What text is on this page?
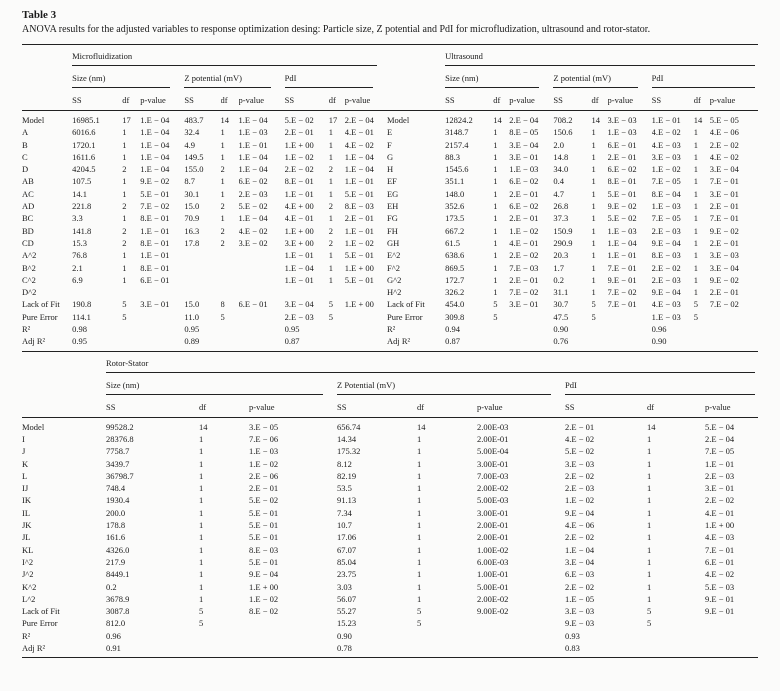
Table 3
ANOVA results for the adjusted variables to response optimization desing: Particle size, Z potential and PdI for microfludization, ultrasound and rotor-stator.

	Microfluidization										Ultrasound								

	Size (nm)			Z potential (mV)			PdI				Size (nm)			Z potential (mV)			PdI		

	SS	df	p-value	SS	df	p-value	SS	df	p-value		SS	df	p-value	SS	df	p-value	SS	df	p-value
Model	16985.1	17	1.E − 04	483.7	14	1.E − 04	5.E − 02	17	2.E − 04	Model	12824.2	14	2.E − 04	708.2	14	3.E − 03	1.E − 01	14	5.E − 05
A	6016.6	1	1.E − 04	32.4	1	1.E − 03	2.E − 01	1	4.E − 01	E	3148.7	1	8.E − 05	150.6	1	1.E − 03	4.E − 02	1	4.E − 06
B	1720.1	1	1.E − 04	4.9	1	1.E − 01	1.E + 00	1	4.E − 02	F	2157.4	1	3.E − 04	2.0	1	6.E − 01	4.E − 03	1	2.E − 02
C	1611.6	1	1.E − 04	149.5	1	1.E − 04	1.E − 02	1	1.E − 04	G	88.3	1	3.E − 01	14.8	1	2.E − 01	3.E − 03	1	4.E − 02
D	4204.5	2	1.E − 04	155.0	2	1.E − 04	2.E − 02	2	1.E − 04	H	1545.6	1	1.E − 03	34.0	1	6.E − 02	1.E − 02	1	3.E − 04
AB	107.5	1	9.E − 02	8.7	1	6.E − 02	8.E − 01	1	1.E − 01	EF	351.1	1	6.E − 02	0.4	1	8.E − 01	7.E − 05	1	7.E − 01
AC	14.1	1	5.E − 01	30.1	1	2.E − 03	1.E − 01	1	5.E − 01	EG	148.0	1	2.E − 01	4.7	1	5.E − 01	8.E − 04	1	3.E − 01
AD	221.8	2	7.E − 02	15.0	2	5.E − 02	4.E + 00	2	8.E − 03	EH	352.6	1	6.E − 02	26.8	1	9.E − 02	1.E − 03	1	2.E − 01
BC	3.3	1	8.E − 01	70.9	1	1.E − 04	4.E − 01	1	2.E − 01	FG	173.5	1	2.E − 01	37.3	1	5.E − 02	7.E − 05	1	7.E − 01
BD	141.8	2	1.E − 01	16.3	2	4.E − 02	1.E + 00	2	1.E − 01	FH	667.2	1	1.E − 02	150.9	1	1.E − 03	2.E − 03	1	9.E − 02
CD	15.3	2	8.E − 01	17.8	2	3.E − 02	3.E + 00	2	1.E − 02	GH	61.5	1	4.E − 01	290.9	1	1.E − 04	9.E − 04	1	2.E − 01
A^2	76.8	1	1.E − 01				1.E − 01	1	5.E − 01	E^2	638.6	1	2.E − 02	20.3	1	1.E − 01	8.E − 03	1	3.E − 03
B^2	2.1	1	8.E − 01				1.E − 04	1	1.E + 00	F^2	869.5	1	7.E − 03	1.7	1	7.E − 01	2.E − 02	1	3.E − 04
C^2	6.9	1	6.E − 01				1.E − 01	1	5.E − 01	G^2	172.7	1	2.E − 01	0.2	1	9.E − 01	2.E − 03	1	9.E − 02
D^2										H^2	326.2	1	7.E − 02	31.1	1	7.E − 02	9.E − 04	1	2.E − 01
Lack of Fit	190.8	5	3.E − 01	15.0	8	6.E − 01	3.E − 04	5	1.E + 00	Lack of Fit	454.0	5	3.E − 01	30.7	5	7.E − 01	4.E − 03	5	7.E − 02
Pure Error	114.1	5		11.0	5		2.E − 03	5		Pure Error	309.8	5		47.5	5		1.E − 03	5	
R²	0.98			0.95			0.95			R²	0.94			0.90			0.96		
Adj R²	0.95			0.89			0.87			Adj R²	0.87			0.76			0.90		

	Rotor-Stator								

	Size (nm)			Z Potential (mV)			PdI		

	SS	df	p-value	SS	df	p-value	SS	df	p-value
Model	99528.2	14	3.E − 05	656.74	14	2.00E-03	2.E − 01	14	5.E − 04
I	28376.8	1	7.E − 06	14.34	1	2.00E-01	4.E − 02	1	2.E − 04
J	7758.7	1	1.E − 03	175.32	1	5.00E-04	5.E − 02	1	7.E − 05
K	3439.7	1	1.E − 02	8.12	1	3.00E-01	3.E − 03	1	1.E − 01
L	36798.7	1	2.E − 06	82.19	1	7.00E-03	2.E − 02	1	2.E − 03
IJ	748.4	1	2.E − 01	53.5	1	2.00E-02	2.E − 03	1	3.E − 01
IK	1930.4	1	5.E − 02	91.13	1	5.00E-03	1.E − 02	1	2.E − 02
IL	200.0	1	5.E − 01	7.34	1	3.00E-01	9.E − 04	1	4.E − 01
JK	178.8	1	5.E − 01	10.7	1	2.00E-01	4.E − 06	1	1.E + 00
JL	161.6	1	5.E − 01	17.06	1	2.00E-01	2.E − 02	1	4.E − 03
KL	4326.0	1	8.E − 03	67.07	1	1.00E-02	1.E − 04	1	7.E − 01
I^2	217.9	1	5.E − 01	85.04	1	6.00E-03	3.E − 04	1	6.E − 01
J^2	8449.1	1	9.E − 04	23.75	1	1.00E-01	6.E − 03	1	4.E − 02
K^2	0.2	1	1.E + 00	3.03	1	5.00E-01	2.E − 02	1	5.E − 03
L^2	3678.9	1	1.E − 02	56.07	1	2.00E-02	1.E − 05	1	9.E − 01
Lack of Fit	3087.8	5	8.E − 02	55.27	5	9.00E-02	3.E − 03	5	9.E − 01
Pure Error	812.0	5		15.23	5		9.E − 03	5	
R²	0.96			0.90			0.93		
Adj R²	0.91			0.78			0.83		
